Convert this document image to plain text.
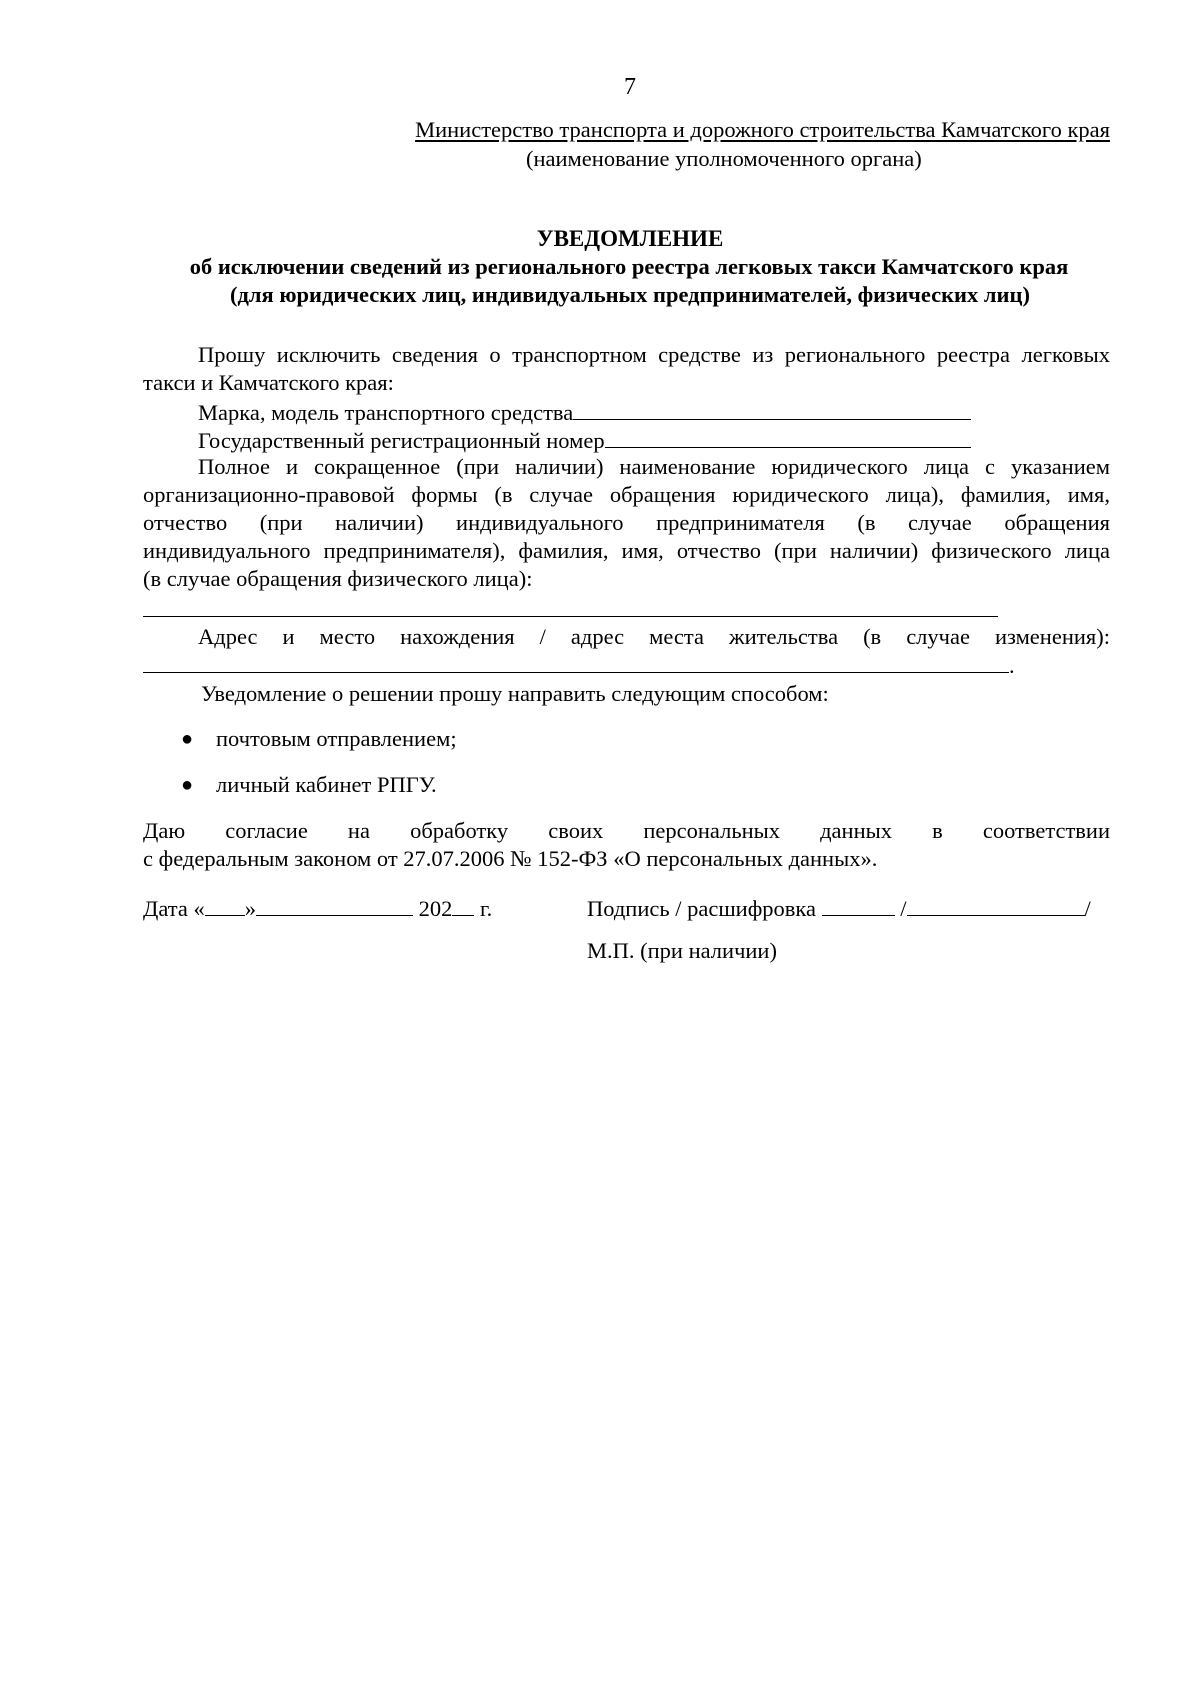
7
Министерство транспорта и дорожного строительства Камчатского края
(наименование уполномоченного органа)
УВЕДОМЛЕНИЕ
об исключении сведений из регионального реестра легковых такси Камчатского края
(для юридических лиц, индивидуальных предпринимателей, физических лиц)
Прошу исключить сведения о транспортном средстве из регионального реестра легковых
такси и Камчатского края:
Марка, модель транспортного средства
Государственный регистрационный номер
Полное и сокращенное (при наличии) наименование юридического лица с указанием
организационно-правовой формы (в случае обращения юридического лица), фамилия, имя,
отчество (при наличии) индивидуального предпринимателя (в случае обращения
индивидуального предпринимателя), фамилия, имя, отчество (при наличии) физического лица
(в случае обращения физического лица):
Адрес и место нахождения / адрес места жительства (в случае изменения):
.
Уведомление о решении прошу направить следующим способом:
● почтовым отправлением;
● личный кабинет РПГУ.
Даю согласие на обработку своих персональных данных в соответствии
с федеральным законом от 27.07.2006 № 152-ФЗ «О персональных данных».
Дата « »	202 г.	Подпись / расшифровка	/	/
М.П. (при наличии)
